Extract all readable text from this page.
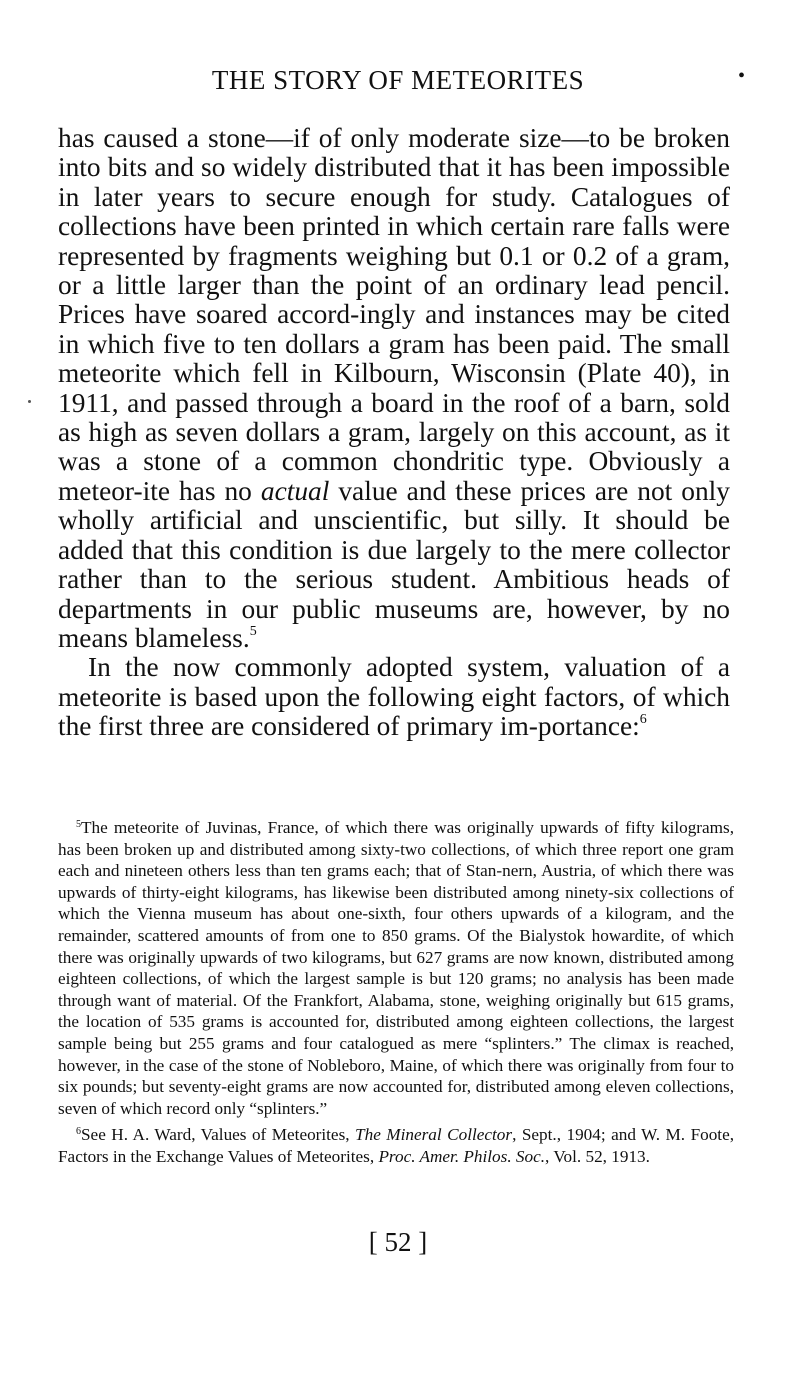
THE STORY OF METEORITES	•

has caused a stone—if of only moderate size—to be broken into bits and so widely distributed that it has been impossible in later years to secure enough for study. Catalogues of collections have been printed in which certain rare falls were represented by fragments weighing but 0.1 or 0.2 of a gram, or a little larger than the point of an ordinary lead pencil. Prices have soared accord-ingly and instances may be cited in which five to ten dollars a gram has been paid. The small meteorite which fell in Kilbourn, Wisconsin (Plate 40), in 1911, and passed through a board in the roof of a barn, sold as high as seven dollars a gram, largely on this account, as it was a stone of a common chondritic type. Obviously a meteor-ite has no actual value and these prices are not only wholly artificial and unscientific, but silly. It should be added that this condition is due largely to the mere collector rather than to the serious student. Ambitious heads of departments in our public museums are, however, by no means blameless.$^5$

In the now commonly adopted system, valuation of a meteorite is based upon the following eight factors, of which the first three are considered of primary im-portance:$^6$

$^5$The meteorite of Juvinas, France, of which there was originally upwards of fifty kilograms, has been broken up and distributed among sixty-two collections, of which three report one gram each and nineteen others less than ten grams each; that of Stan-nern, Austria, of which there was upwards of thirty-eight kilograms, has likewise been distributed among ninety-six collections of which the Vienna museum has about one-sixth, four others upwards of a kilogram, and the remainder, scattered amounts of from one to 850 grams. Of the Bialystok howardite, of which there was originally upwards of two kilograms, but 627 grams are now known, distributed among eighteen collections, of which the largest sample is but 120 grams; no analysis has been made through want of material. Of the Frankfort, Alabama, stone, weighing originally but 615 grams, the location of 535 grams is accounted for, distributed among eighteen collections, the largest sample being but 255 grams and four catalogued as mere “splinters.” The climax is reached, however, in the case of the stone of Nobleboro, Maine, of which there was originally from four to six pounds; but seventy-eight grams are now accounted for, distributed among eleven collections, seven of which record only “splinters.”

$^6$See H. A. Ward, Values of Meteorites, The Mineral Collector, Sept., 1904; and W. M. Foote, Factors in the Exchange Values of Meteorites, Proc. Amer. Philos. Soc., Vol. 52, 1913.

[ 52 ]
